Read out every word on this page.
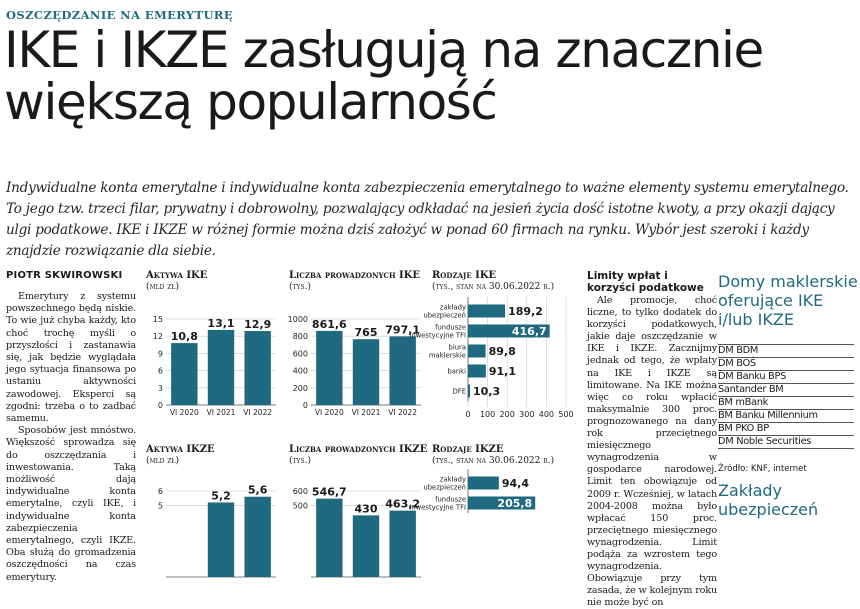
OSZCZĘDZANIE NA EMERYTURĘ
IKE i IKZE zasługują na znacznie większą popularność

Indywidualne konta emerytalne i indywidualne konta zabezpieczenia emerytalnego to ważne elementy systemu emerytalnego. To jego tzw. trzeci filar, prywatny i dobrowolny, pozwalający odkładać na jesień życia dość istotne kwoty, a przy okazji dający ulgi podatkowe. IKE i IKZE w różnej formie można dziś założyć w ponad 60 firmach na rynku. Wybór jest szeroki i każdy znajdzie rozwiązanie dla siebie.

PIOTR SKWIROWSKI

Emerytury z systemu powszechnego będą niskie. To wie już chyba każdy, kto choć trochę myśli o przyszłości i zastanawia się, jak będzie wyglądała jego sytuacja finansowa po ustaniu aktywności zawodowej. Eksperci są zgodni: trzeba o to zadbać samemu.

Sposobów jest mnóstwo. Większość sprowadza się do oszczędzania i inwestowania. Taką możliwość dają indywidualne konta emerytalne, czyli IKE, i indywidualne konta zabezpieczenia emerytalnego, czyli IKZE. Oba służą do gromadzenia oszczędności na czas emerytury.

Aktywa IKE
(mld zł)
0
3
6
9
12
15
10,8
13,1 12,9
VI 2020 VI 2021 VI 2022
Liczba prowadzonych IKE
(tys.)
0
200
400
600
800
1000 861,6
765 797,1
VI 2020 VI 2021 VI 2022
Rodzaje IKE
(tys., stan na 30.06.2022 r.)
0 100 200 300 400 500
zakłady
ubezpieczeń	189,2
fundusze
inwestycyjne TFI	416,7
biura
maklerskie 89,8
banki 91,1
DFE 10,3
Aktywa IKZE
(mld zł)
5
6	5,2 5,6
Liczba prowadzonych IKZE
(tys.)
500
600 546,7
430 463,2
Rodzaje IKZE
(tys., stan na 30.06.2022 r.)
zakłady
ubezpieczeń	94,4
fundusze
inwestycyjne TFI	205,8
Limity wpłat i korzyści podatkowe

Ale promocje, choć liczne, to tylko dodatek do korzyści podatkowych, jakie daje oszczędzanie w IKE i IKZE. Zacznijmy jednak od tego, że wpłaty na IKE i IKZE są limitowane. Na IKE można więc co roku wpłacić maksymalnie 300 proc. prognozowanego na dany rok przeciętnego miesięcznego wynagrodzenia w gospodarce narodowej. Limit ten obowiązuje od 2009 r. Wcześniej, w latach 2004-2008 można było wpłacać 150 proc. przeciętnego miesięcznego wynagrodzenia. Limit podąża za wzrostem tego wynagrodzenia. Obowiązuje przy tym zasada, że w kolejnym roku nie może być on

Domy maklerskie oferujące IKE i/lub IKZE
DM BDM
DM BOŚ
DM Banku BPS
Santander BM
BM mBank
BM Banku Millennium
BM PKO BP
DM Noble Securities
Źródło: KNF, internet
Zakłady ubezpieczeń
